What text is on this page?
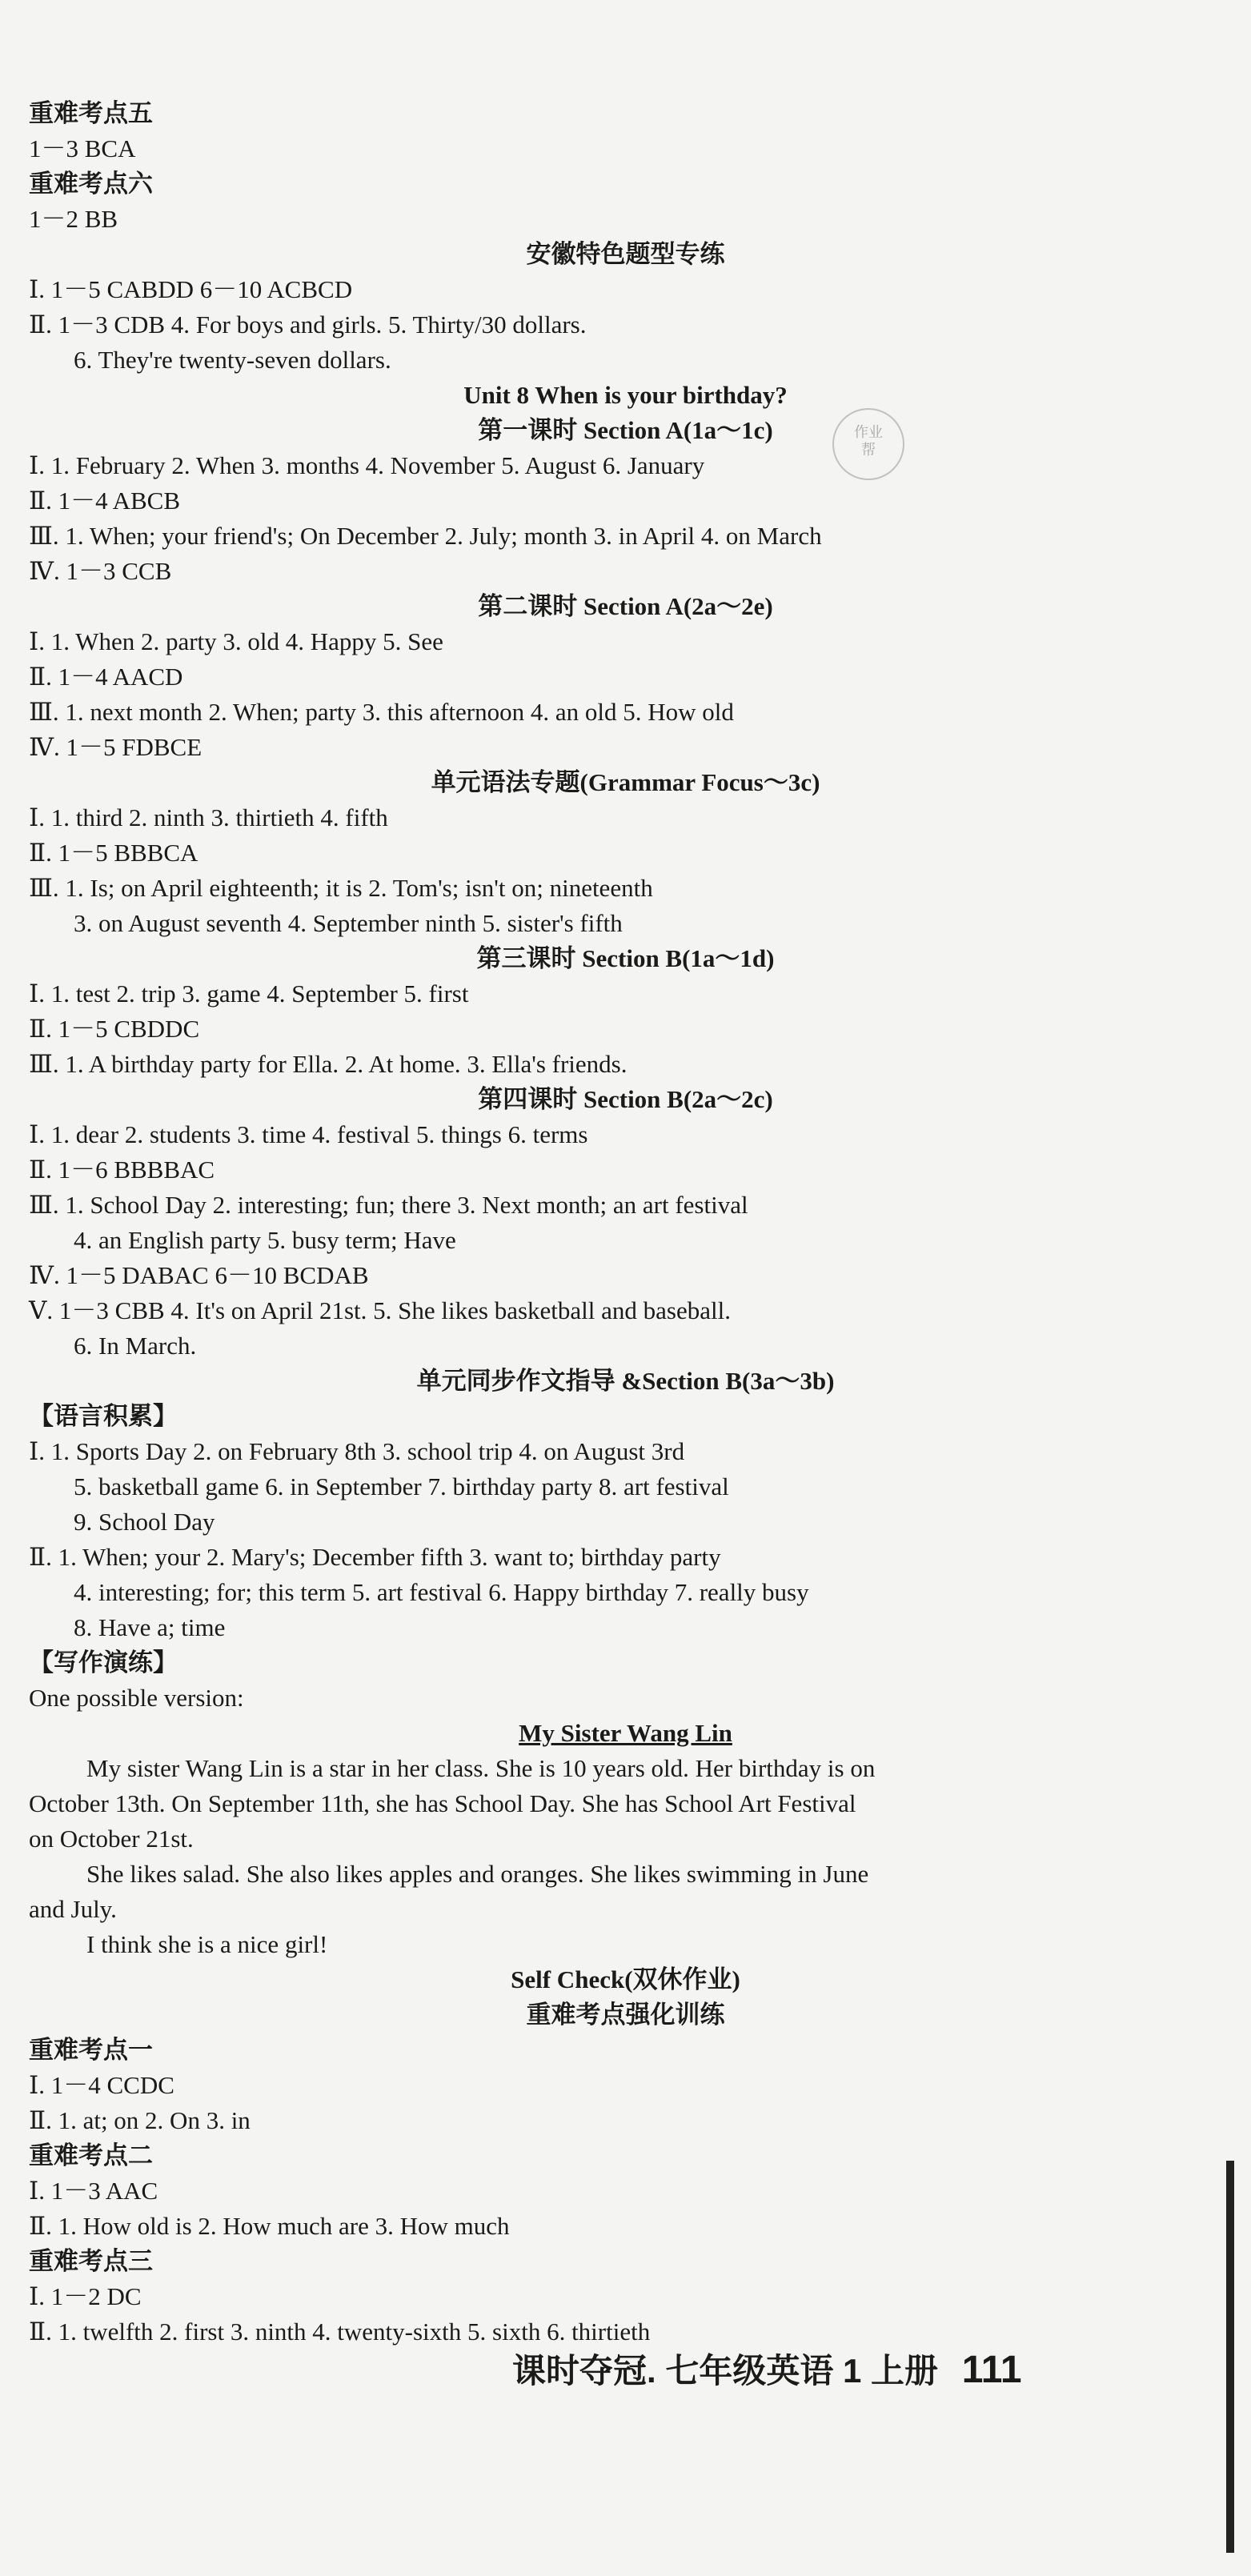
重难考点五
1－3 BCA
重难考点六
1－2 BB
安徽特色题型专练
Ⅰ. 1－5 CABDD 6－10 ACBCD
Ⅱ. 1－3 CDB 4. For boys and girls. 5. Thirty/30 dollars.
6. They're twenty-seven dollars.
Unit 8 When is your birthday?
第一课时 Section A(1a～1c)
Ⅰ. 1. February 2. When 3. months 4. November 5. August 6. January
Ⅱ. 1－4 ABCB
Ⅲ. 1. When; your friend's; On December 2. July; month 3. in April 4. on March
Ⅳ. 1－3 CCB
第二课时 Section A(2a～2e)
Ⅰ. 1. When 2. party 3. old 4. Happy 5. See
Ⅱ. 1－4 AACD
Ⅲ. 1. next month 2. When; party 3. this afternoon 4. an old 5. How old
Ⅳ. 1－5 FDBCE
单元语法专题(Grammar Focus～3c)
Ⅰ. 1. third 2. ninth 3. thirtieth 4. fifth
Ⅱ. 1－5 BBBCA
Ⅲ. 1. Is; on April eighteenth; it is 2. Tom's; isn't on; nineteenth
3. on August seventh 4. September ninth 5. sister's fifth
第三课时 Section B(1a～1d)
Ⅰ. 1. test 2. trip 3. game 4. September 5. first
Ⅱ. 1－5 CBDDC
Ⅲ. 1. A birthday party for Ella. 2. At home. 3. Ella's friends.
第四课时 Section B(2a～2c)
Ⅰ. 1. dear 2. students 3. time 4. festival 5. things 6. terms
Ⅱ. 1－6 BBBBAC
Ⅲ. 1. School Day 2. interesting; fun; there 3. Next month; an art festival
4. an English party 5. busy term; Have
Ⅳ. 1－5 DABAC 6－10 BCDAB
Ⅴ. 1－3 CBB 4. It's on April 21st. 5. She likes basketball and baseball.
6. In March.
单元同步作文指导 &Section B(3a～3b)
【语言积累】
Ⅰ. 1. Sports Day 2. on February 8th 3. school trip 4. on August 3rd
5. basketball game 6. in September 7. birthday party 8. art festival
9. School Day
Ⅱ. 1. When; your 2. Mary's; December fifth 3. want to; birthday party
4. interesting; for; this term 5. art festival 6. Happy birthday 7. really busy
8. Have a; time
【写作演练】
One possible version:
My Sister Wang Lin
My sister Wang Lin is a star in her class. She is 10 years old. Her birthday is on
October 13th. On September 11th, she has School Day. She has School Art Festival
on October 21st.
She likes salad. She also likes apples and oranges. She likes swimming in June
and July.
I think she is a nice girl!
Self Check(双休作业)
重难考点强化训练
重难考点一
Ⅰ. 1－4 CCDC
Ⅱ. 1. at; on 2. On 3. in
重难考点二
Ⅰ. 1－3 AAC
Ⅱ. 1. How old is 2. How much are 3. How much
重难考点三
Ⅰ. 1－2 DC
Ⅱ. 1. twelfth 2. first 3. ninth 4. twenty-sixth 5. sixth 6. thirtieth
作业
帮
课时夺冠. 七年级英语 1 上册 111
